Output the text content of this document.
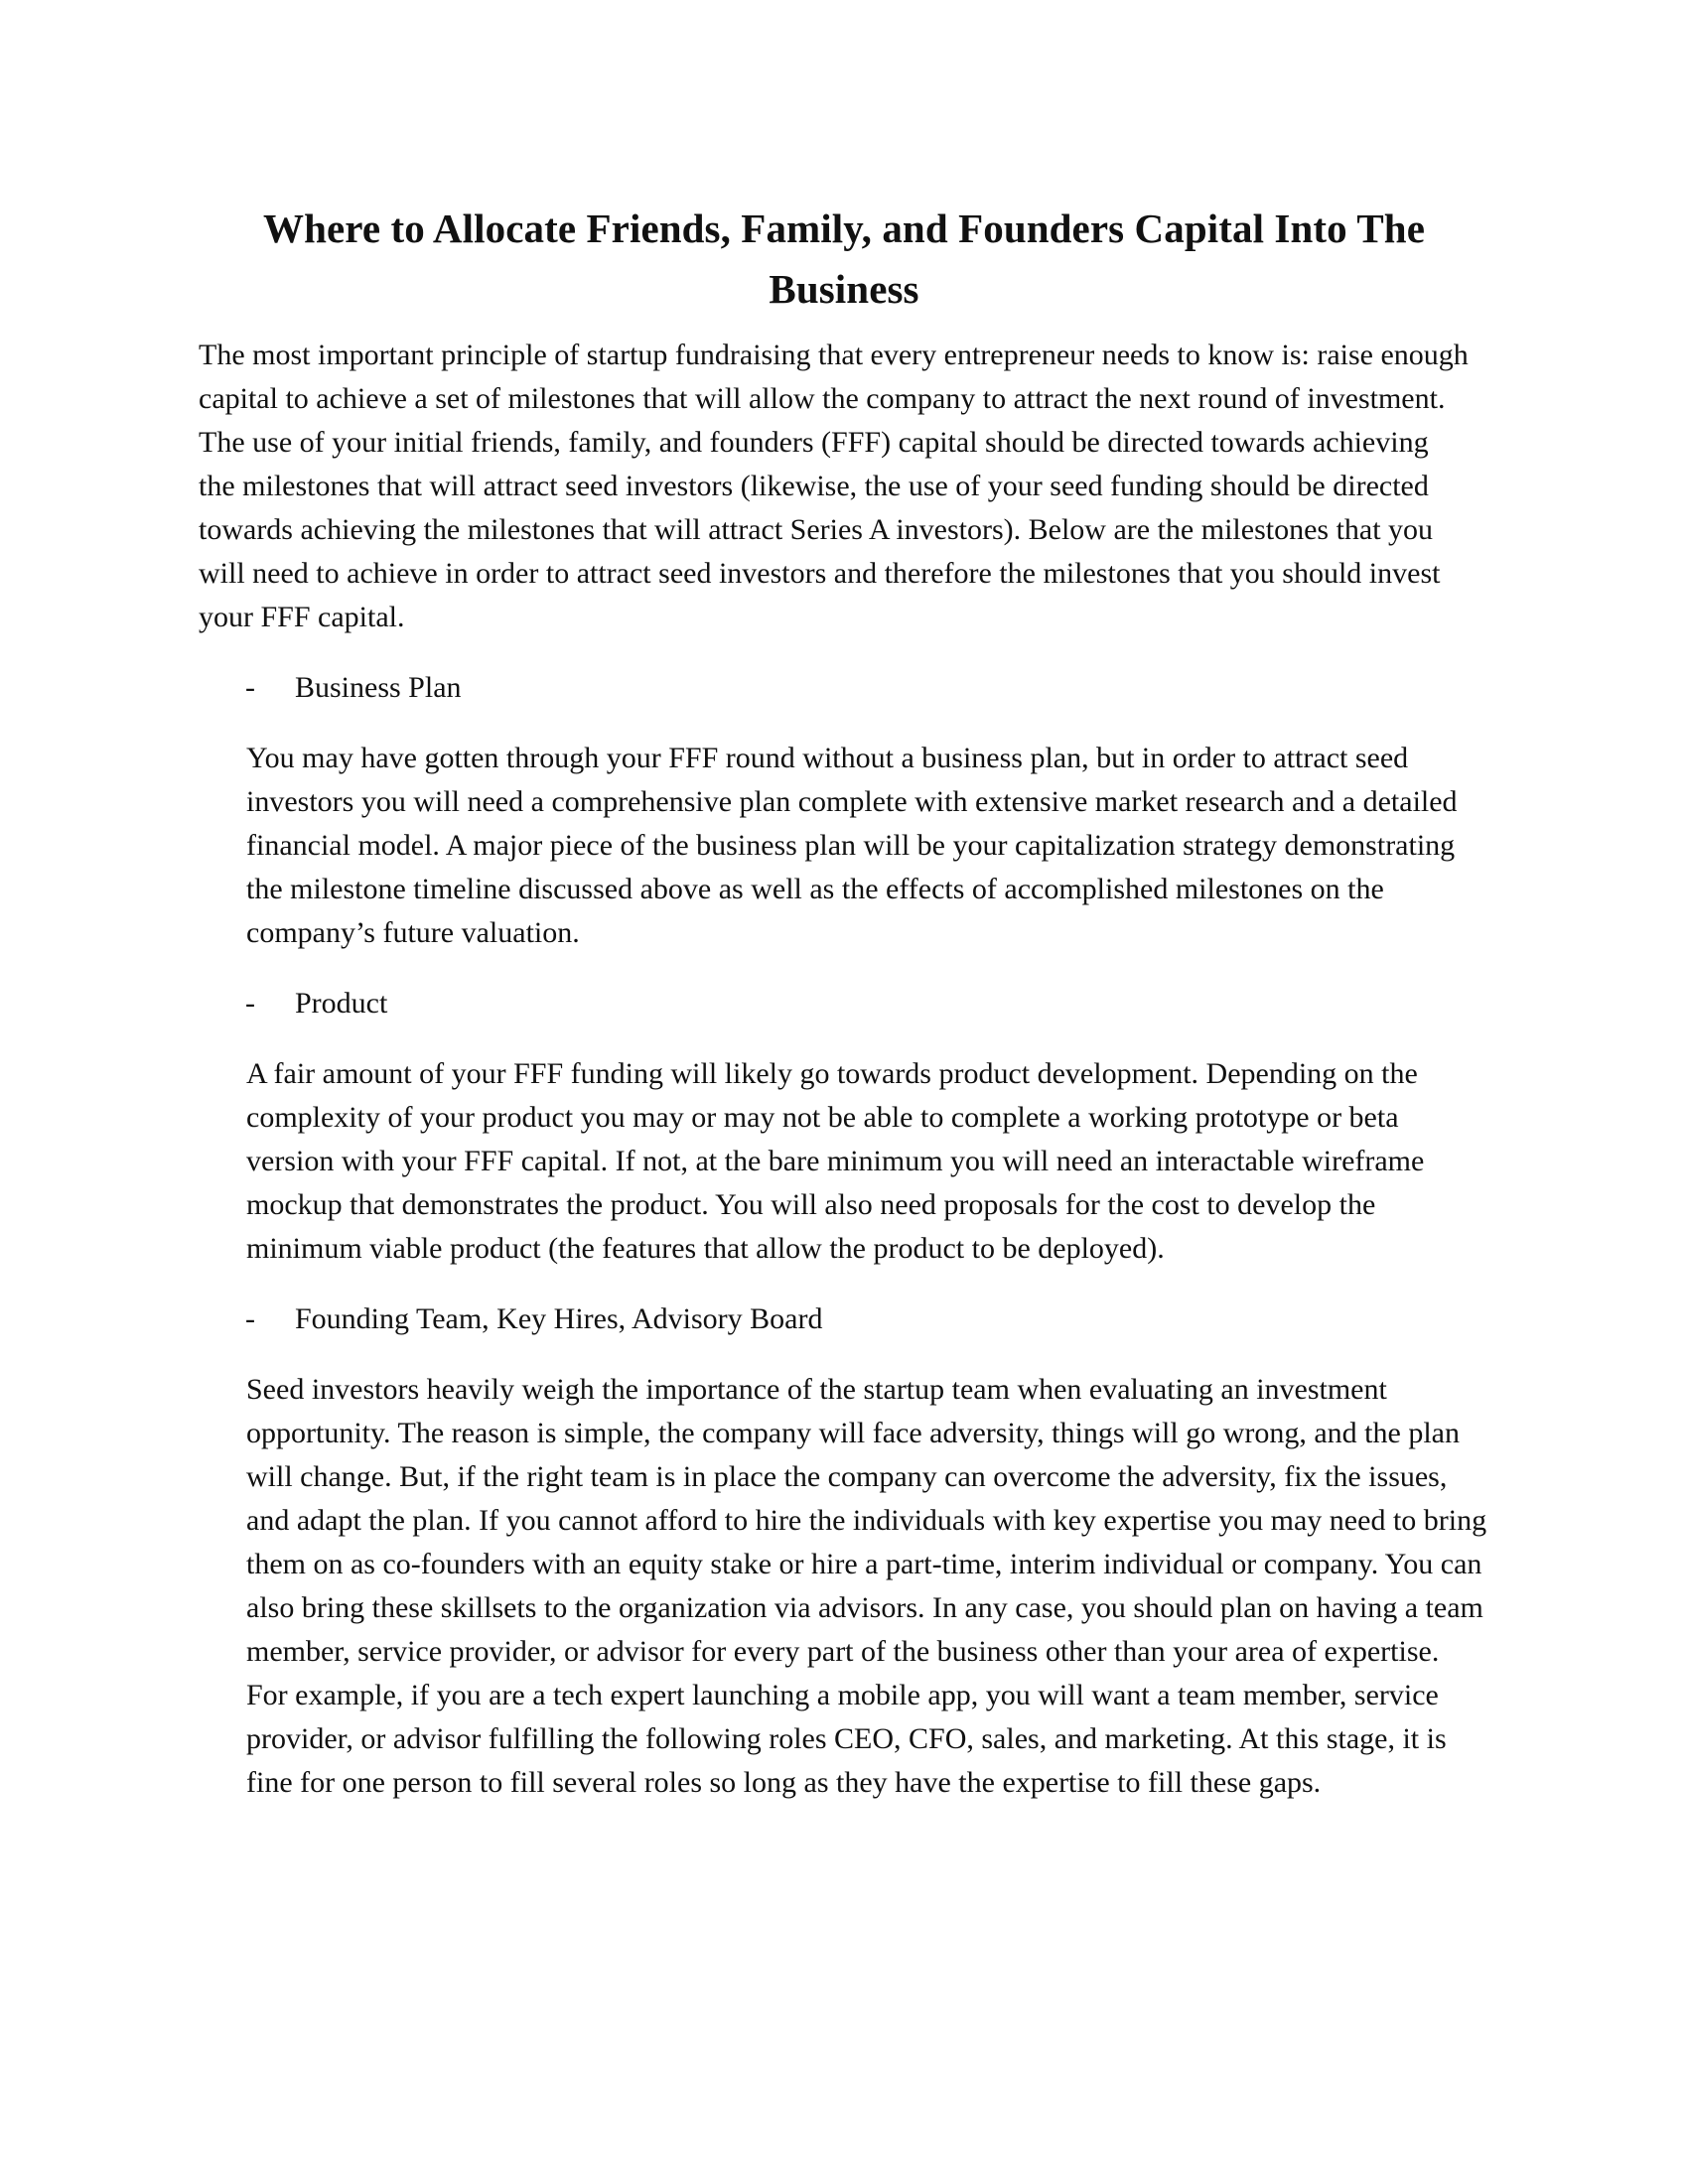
Where to Allocate Friends, Family, and Founders Capital Into The Business

The most important principle of startup fundraising that every entrepreneur needs to know is: raise enough capital to achieve a set of milestones that will allow the company to attract the next round of investment. The use of your initial friends, family, and founders (FFF) capital should be directed towards achieving the milestones that will attract seed investors (likewise, the use of your seed funding should be directed towards achieving the milestones that will attract Series A investors). Below are the milestones that you will need to achieve in order to attract seed investors and therefore the milestones that you should invest your FFF capital.

-	Business Plan

You may have gotten through your FFF round without a business plan, but in order to attract seed investors you will need a comprehensive plan complete with extensive market research and a detailed financial model. A major piece of the business plan will be your capitalization strategy demonstrating the milestone timeline discussed above as well as the effects of accomplished milestones on the company’s future valuation.

-	Product

A fair amount of your FFF funding will likely go towards product development. Depending on the complexity of your product you may or may not be able to complete a working prototype or beta version with your FFF capital. If not, at the bare minimum you will need an interactable wireframe mockup that demonstrates the product. You will also need proposals for the cost to develop the minimum viable product (the features that allow the product to be deployed).

-	Founding Team, Key Hires, Advisory Board

Seed investors heavily weigh the importance of the startup team when evaluating an investment opportunity. The reason is simple, the company will face adversity, things will go wrong, and the plan will change. But, if the right team is in place the company can overcome the adversity, fix the issues, and adapt the plan. If you cannot afford to hire the individuals with key expertise you may need to bring them on as co-founders with an equity stake or hire a part-time, interim individual or company. You can also bring these skillsets to the organization via advisors. In any case, you should plan on having a team member, service provider, or advisor for every part of the business other than your area of expertise. For example, if you are a tech expert launching a mobile app, you will want a team member, service provider, or advisor fulfilling the following roles CEO, CFO, sales, and marketing. At this stage, it is fine for one person to fill several roles so long as they have the expertise to fill these gaps.
